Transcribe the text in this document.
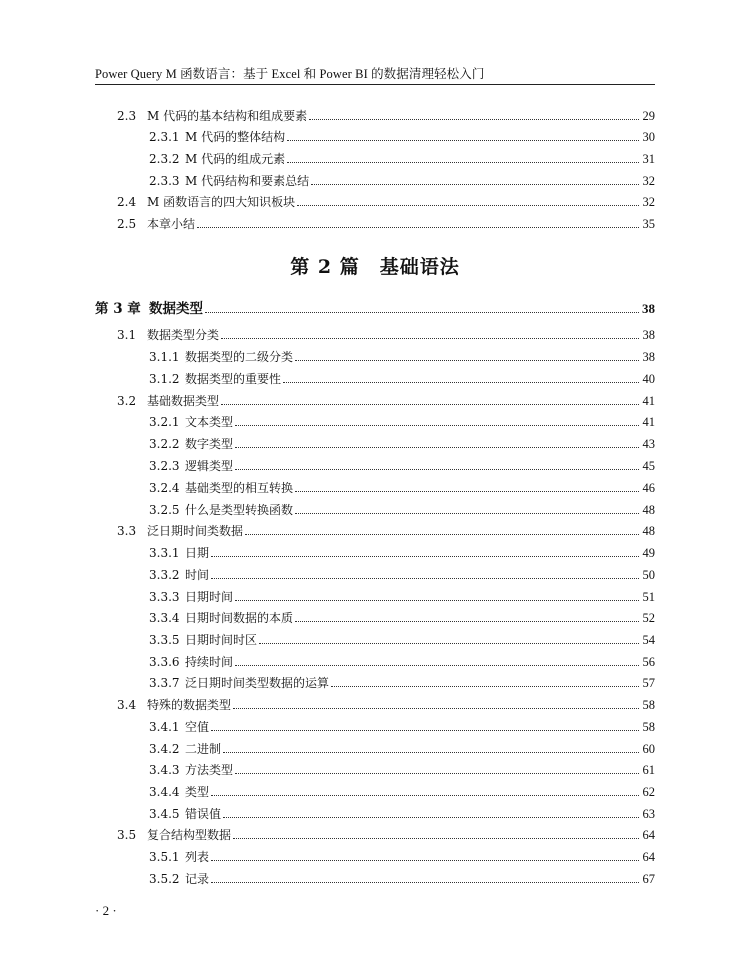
Power Query M 函数语言：基于 Excel 和 Power BI 的数据清理轻松入门
第 2 篇　基础语法
2.3 M 代码的基本结构和组成要素	29
2.3.1 M 代码的整体结构	30
2.3.2 M 代码的组成元素	31
2.3.3 M 代码结构和要素总结	32
2.4 M 函数语言的四大知识板块	32
2.5 本章小结	35
第 3 章 数据类型	38
3.1 数据类型分类	38
3.1.1 数据类型的二级分类	38
3.1.2 数据类型的重要性	40
3.2 基础数据类型	41
3.2.1 文本类型	41
3.2.2 数字类型	43
3.2.3 逻辑类型	45
3.2.4 基础类型的相互转换	46
3.2.5 什么是类型转换函数	48
3.3 泛日期时间类数据	48
3.3.1 日期	49
3.3.2 时间	50
3.3.3 日期时间	51
3.3.4 日期时间数据的本质	52
3.3.5 日期时间时区	54
3.3.6 持续时间	56
3.3.7 泛日期时间类型数据的运算	57
3.4 特殊的数据类型	58
3.4.1 空值	58
3.4.2 二进制	60
3.4.3 方法类型	61
3.4.4 类型	62
3.4.5 错误值	63
3.5 复合结构型数据	64
3.5.1 列表	64
3.5.2 记录	67
· 2 ·
